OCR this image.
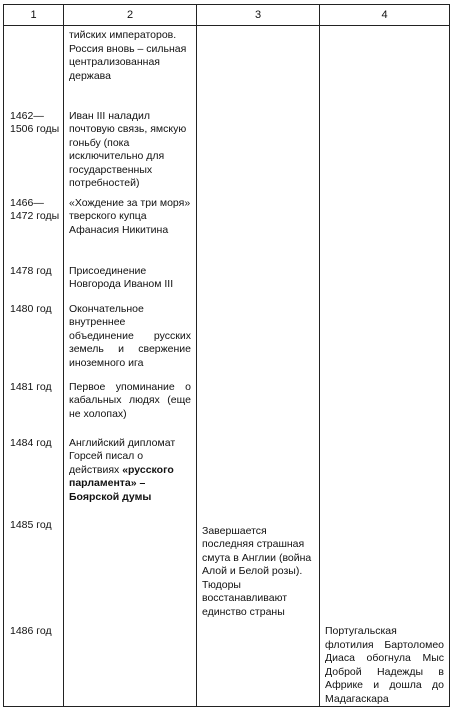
1	2	3	4
	тийских императоров. Россия вновь – сильная централизованная держава		
1462—1506 годы	Иван III наладил почтовую связь, ямскую гоньбу (пока исключительно для государственных потребностей)		
1466—1472 годы	«Хождение за три моря» тверского купца Афанасия Никитина		
1478 год	Присоединение Новгорода Иваном III		
1480 год	Окончательное внутреннее объединение русских земель и свержение иноземного ига		
1481 год	Первое упоминание о кабальных людях (еще не холопах)		
1484 год	Английский дипломат Горсей писал о действиях «русского парламента» – Боярской думы		
1485 год		Завершается последняя страшная смута в Англии (война Алой и Белой розы). Тюдоры восстанавливают единство страны	
1486 год			Португальская флотилия Бартоломео Диаса обогнула Мыс Доброй Надежды в Африке и дошла до Мадагаскара
